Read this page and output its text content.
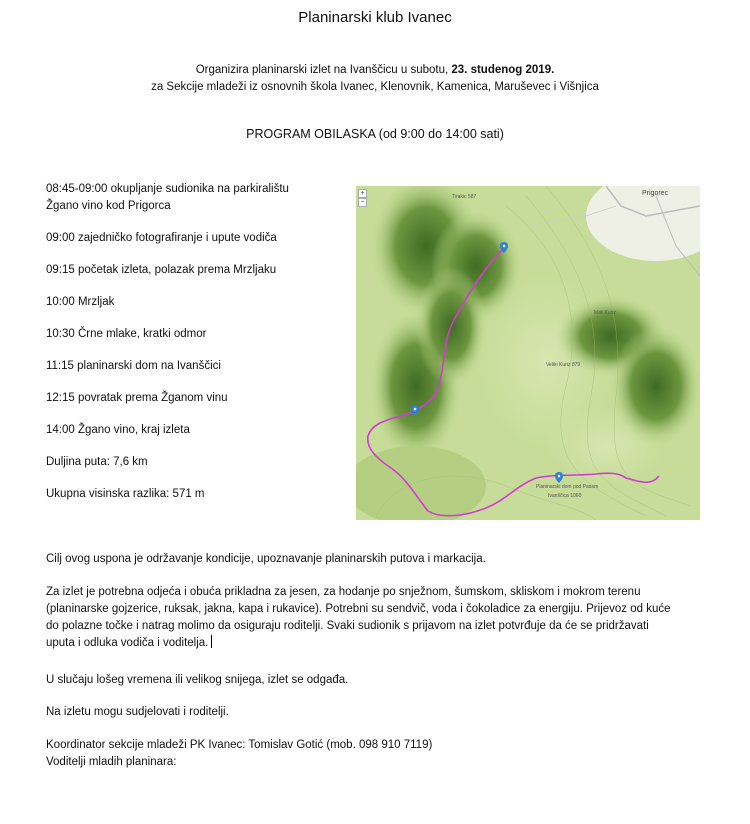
Planinarski klub Ivanec
Organizira planinarski izlet na Ivanščicu u subotu, 23. studenog 2019.
za Sekcije mladeži iz osnovnih škola Ivanec, Klenovnik, Kamenica, Maruševec i Višnjica
PROGRAM OBILASKA (od 9:00 do 14:00 sati)
08:45-09:00 okupljanje sudionika na parkiralištu
Žgano vino kod Prigorca
09:00 zajedničko fotografiranje i upute vodiča
09:15 početak izleta, polazak prema Mrzljaku
10:00 Mrzljak
10:30 Črne mlake, kratki odmor
11:15 planinarski dom na Ivanščici
12:15 povratak prema Žganom vinu
14:00 Žgano vino, kraj izleta
Duljina puta: 7,6 km
Ukupna visinska razlika: 571 m
Prigorec
Tirakic 587
Mali Kuriz
Veliki Kuriz 879
Planinarski dom pod Pasam
Ivanščica 1060
+
−
Cilj ovog uspona je održavanje kondicije, upoznavanje planinarskih putova i markacija.
Za izlet je potrebna odjeća i obuća prikladna za jesen, za hodanje po snježnom, šumskom, skliskom i mokrom terenu
(planinarske gojzerice, ruksak, jakna, kapa i rukavice). Potrebni su sendvič, voda i čokoladice za energiju. Prijevoz od kuće
do polazne točke i natrag molimo da osiguraju roditelji. Svaki sudionik s prijavom na izlet potvrđuje da će se pridržavati
uputa i odluka vodiča i voditelja.
U slučaju lošeg vremena ili velikog snijega, izlet se odgađa.
Na izletu mogu sudjelovati i roditelji.
Koordinator sekcije mladeži PK Ivanec: Tomislav Gotić (mob. 098 910 7119)
Voditelji mladih planinara:
